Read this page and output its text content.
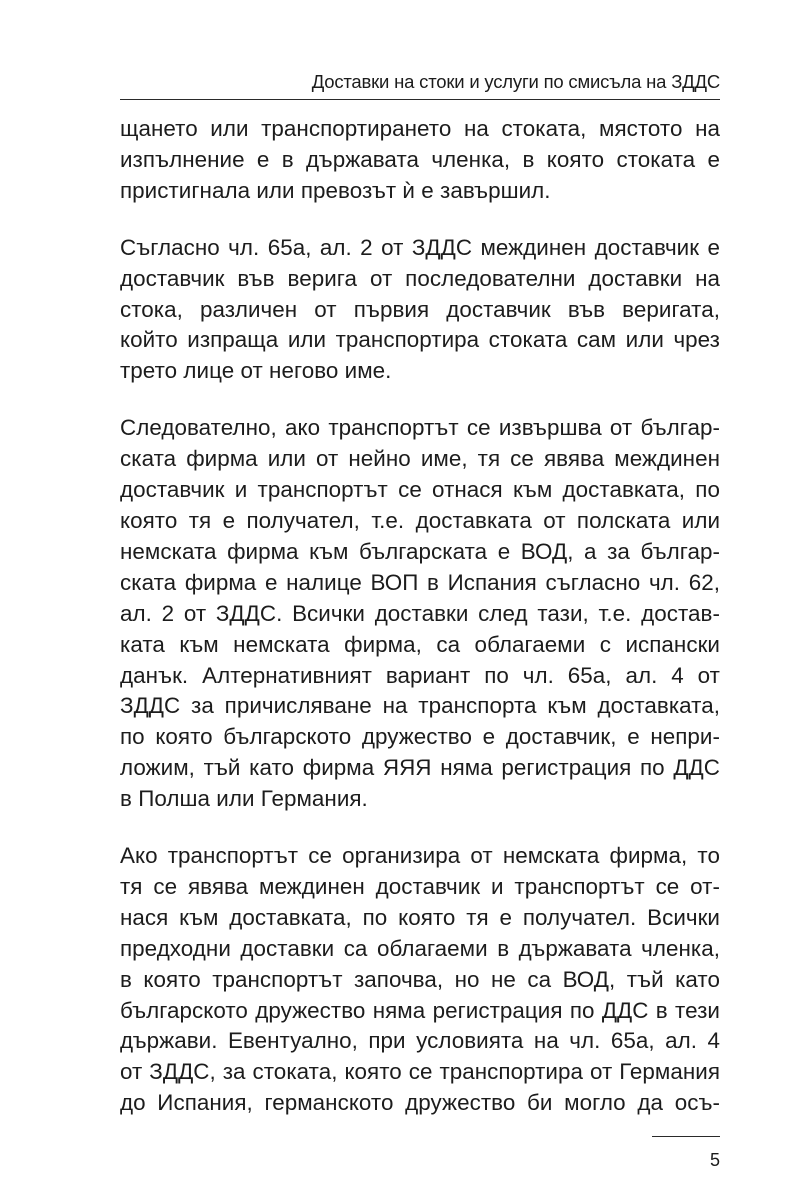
Доставки на стоки и услуги по смисъла на ЗДДС

щането или транспортирането на стоката, мястото на
изпълнение е в държавата членка, в която стоката е
пристигнала или превозът ѝ е завършил.

Съгласно чл. 65а, ал. 2 от ЗДДС междинен доставчик е
доставчик във верига от последователни доставки на
стока, различен от първия доставчик във веригата,
който изпраща или транспортира стоката сам или чрез
трето лице от негово име.

Следователно, ако транспортът се извършва от българ-
ската фирма или от нейно име, тя се явява междинен
доставчик и транспортът се отнася към доставката, по
която тя е получател, т.е. доставката от полската или
немската фирма към българската е ВОД, а за българ-
ската фирма е налице ВОП в Испания съгласно чл. 62,
ал. 2 от ЗДДС. Всички доставки след тази, т.е. достав-
ката към немската фирма, са облагаеми с испански
данък. Алтернативният вариант по чл. 65а, ал. 4 от
ЗДДС за причисляване на транспорта към доставката,
по която българското дружество е доставчик, е непри-
ложим, тъй като фирма ЯЯЯ няма регистрация по ДДС
в Полша или Германия.

Ако транспортът се организира от немската фирма, то
тя се явява междинен доставчик и транспортът се от-
нася към доставката, по която тя е получател. Всички
предходни доставки са облагаеми в държавата членка,
в която транспортът започва, но не са ВОД, тъй като
българското дружество няма регистрация по ДДС в тези
държави. Евентуално, при условията на чл. 65а, ал. 4
от ЗДДС, за стоката, която се транспортира от Германия
до Испания, германското дружество би могло да осъ-

5
